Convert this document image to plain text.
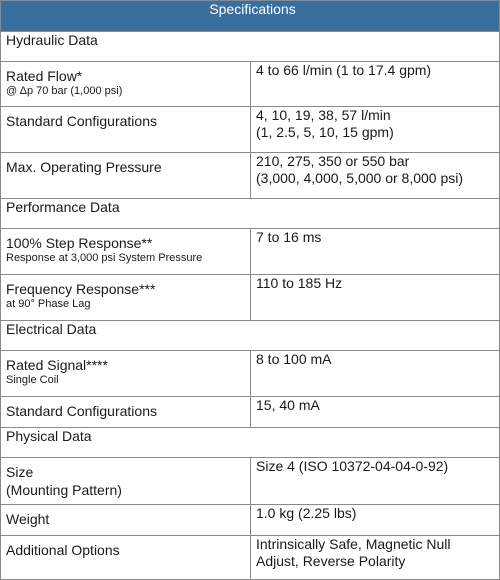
Specifications	
Hydraulic Data	

Rated Flow*
@ Δp 70 bar (1,000 psi)	4 to 66 l/min (1 to 17.4 gpm)

Standard Configurations	4, 10, 19, 38, 57 l/min
(1, 2.5, 5, 10, 15 gpm)

Max. Operating Pressure	210, 275, 350 or 550 bar
(3,000, 4,000, 5,000 or 8,000 psi)

Performance Data	

100% Step Response**
Response at 3,000 psi System Pressure	7 to 16 ms

Frequency Response***
at 90° Phase Lag	110 to 185 Hz

Electrical Data	

Rated Signal****
Single Coil	8 to 100 mA

Standard Configurations	15, 40 mA

Physical Data	

Size
(Mounting Pattern)	Size 4 (ISO 10372-04-04-0-92)

Weight	1.0 kg (2.25 lbs)

Additional Options	Intrinsically Safe, Magnetic Null
Adjust, Reverse Polarity
